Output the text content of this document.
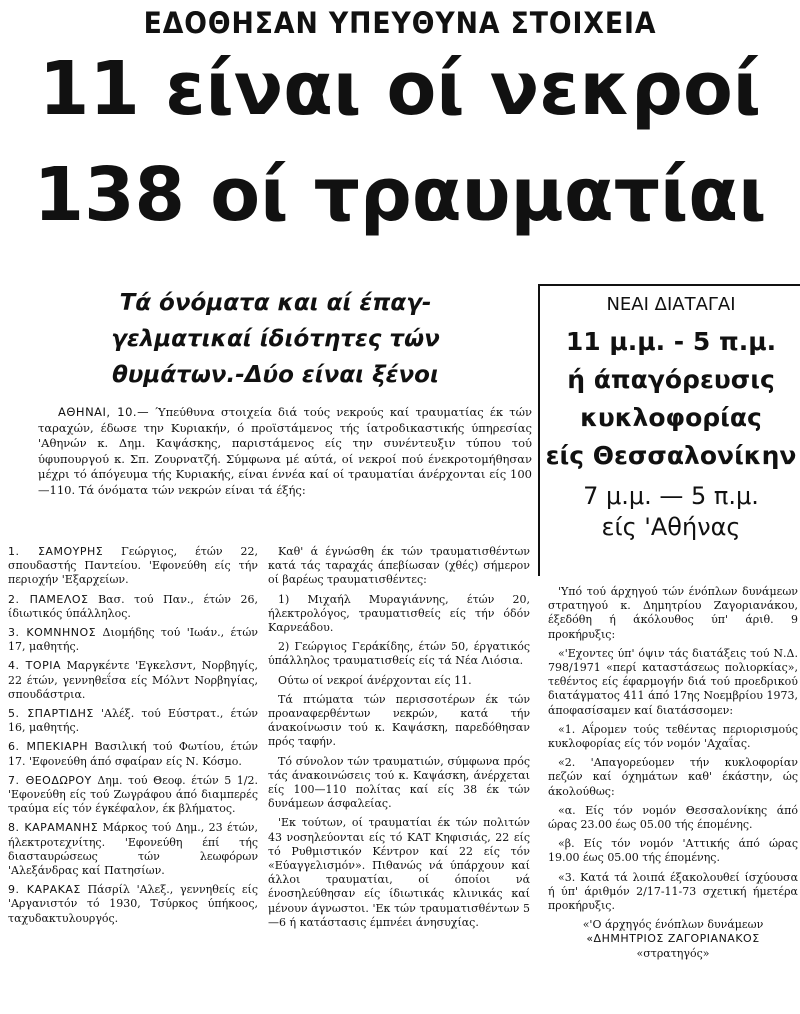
ΕΔΟΘΗΣΑΝ ΥΠΕΥΘΥΝΑ ΣΤΟΙΧΕΙΑ
11 είναι οί νεκροί
138 οί τραυματίαι
Τά όνόματα και αί έπαγ-
γελματικαί ίδιότητες τών
θυμάτων.-Δύο είναι ξένοι
ΝΕΑΙ ΔΙΑΤΑΓΑΙ
11 μ.μ. - 5 π.μ.
ή άπαγόρευσις
κυκλοφορίας
είς Θεσσαλονίκην
7 μ.μ. — 5 π.μ.
είς 'Αθήνας
ΑΘΗΝΑΙ, 10.— Ύπεύθυνα στοιχεία διά τούς νεκρούς καί τραυματίας έκ τών ταραχών, έδωσε την Κυριακήν, ό προϊστάμενος τής ίατροδικαστικής ύπηρεσίας 'Αθηνών κ. Δημ. Καψάσκης, παριστάμενος είς την συνέντευξιν τύπου τού ύφυπουργού κ. Σπ. Ζουρνατζή. Σύμφωνα μέ αύτά, οί νεκροί πού ένεκροτομήθησαν μέχρι τό άπόγευμα τής Κυριακής, είναι έννέα καί οί τραυματίαι άνέρχονται είς 100—110. Τά όνόματα τών νεκρών είναι τά έξής:

1. ΣΑΜΟΥΡΗΣ Γεώργιος, έτών 22, σπουδαστής Παντείου. 'Εφονεύθη είς τήν περιοχήν 'Εξαρχείων.

2. ΠΑΜΕΛΟΣ Βασ. τού Παν., έτών 26, ίδιωτικός ύπάλληλος.

3. ΚΟΜΝΗΝΟΣ Διομήδης τού 'Ιωάν., έτών 17, μαθητής.

4. ΤΟΡΙΑ Μαργκέντε 'Εγκελσντ, Νορβηγίς, 22 έτών, γεννηθεΐσα είς Μόλντ Νορβηγίας, σπουδάστρια.

5. ΣΠΑΡΤΙΔΗΣ 'Αλέξ. τού Εύστρατ., έτών 16, μαθητής.

6. ΜΠΕΚΙΑΡΗ Βασιλική τού Φωτίου, έτών 17. 'Εφονεύθη άπό σφαίραν είς Ν. Κόσμο.

7. ΘΕΟΔΩΡΟΥ Δημ. τού Θεοφ. έτών 5 1/2. 'Εφονεύθη είς τού Ζωγράφου άπό διαμπερές τραύμα είς τόν έγκέφαλον, έκ βλήματος.

8. ΚΑΡΑΜΑΝΗΣ Μάρκος τού Δημ., 23 έτών, ήλεκτροτεχνίτης. 'Εφονεύθη έπί τής διασταυρώσεως τών λεωφόρων 'Αλεξάνδρας καί Πατησίων.

9. ΚΑΡΑΚΑΣ Πάσρίλ 'Αλεξ., γεννηθείς είς 'Αργανιστόν τό 1930, Τσύρκος ύπήκοος, ταχυδακτυλουργός.

Καθ' ά έγνώσθη έκ τών τραυματισθέντων κατά τάς ταραχάς άπεβίωσαν (χθές) σήμερον οί βαρέως τραυματισθέντες:

1) Μιχαήλ Μυραγιάννης, έτών 20, ήλεκτρολόγος, τραυματισθείς είς τήν όδόν Καρνεάδου.

2) Γεώργιος Γεράκίδης, έτών 50, έργατικός ύπάλληλος τραυματισθείς είς τά Νέα Λιόσια.

Ούτω οί νεκροί άνέρχονται είς 11.

Τά πτώματα τών περισσοτέρων έκ τών προαναφερθέντων νεκρών, κατά τήν άνακοίνωσιν τού κ. Καψάσκη, παρεδόθησαν πρός ταφήν.

Τό σύνολον τών τραυματιών, σύμφωνα πρός τάς άνακοινώσεις τού κ. Καψάσκη, άνέρχεται είς 100—110 πολίτας καί είς 38 έκ τών δυνάμεων άσφαλείας.

'Εκ τούτων, οί τραυματίαι έκ τών πολιτών 43 νοσηλεύονται είς τό ΚΑΤ Κηφισιάς, 22 είς τό Ρυθμιστικόν Κέντρον καί 22 είς τόν «Εύαγγελισμόν». Πιθανώς νά ύπάρχουν καί άλλοι τραυματίαι, οί όποίοι νά ένοσηλεύθησαν είς ίδιωτικάς κλινικάς καί μένουν άγνωστοι. 'Εκ τών τραυματισθέντων 5—6 ή κατάστασις έμπνέει άνησυχίας.

'Υπό τού άρχηγού τών ένόπλων δυνάμεων στρατηγού κ. Δημητρίου Ζαγοριανάκου, έξεδόθη ή άκόλουθος ύπ' άριθ. 9 προκήρυξις:

«'Εχοντες ύπ' όψιν τάς διατάξεις τού Ν.Δ. 798/1971 «περί καταστάσεως πολιορκίας», τεθέντος είς έφαρμογήν διά τού προεδρικού διατάγματος 411 άπό 17ης Νοεμβρίου 1973, άποφασίσαμεν καί διατάσσομεν:

«1. Αΐρομεν τούς τεθέντας περιορισμούς κυκλοφορίας είς τόν νομόν 'Αχαΐας.

«2. 'Απαγορεύομεν τήν κυκλοφορίαν πεζών καί όχημάτων καθ' έκάστην, ώς άκολούθως:

«α. Είς τόν νομόν Θεσσαλονίκης άπό ώρας 23.00 έως 05.00 τής έπομένης.

«β. Είς τόν νομόν 'Αττικής άπό ώρας 19.00 έως 05.00 τής έπομένης.

«3. Κατά τά λοιπά έξακολουθεί ίσχύουσα ή ύπ' άριθμόν 2/17-11-73 σχετική ήμετέρα προκήρυξις.

«'Ο άρχηγός ένόπλων δυνάμεων

«ΔΗΜΗΤΡΙΟΣ ΖΑΓΟΡΙΑΝΑΚΟΣ

«στρατηγός»
